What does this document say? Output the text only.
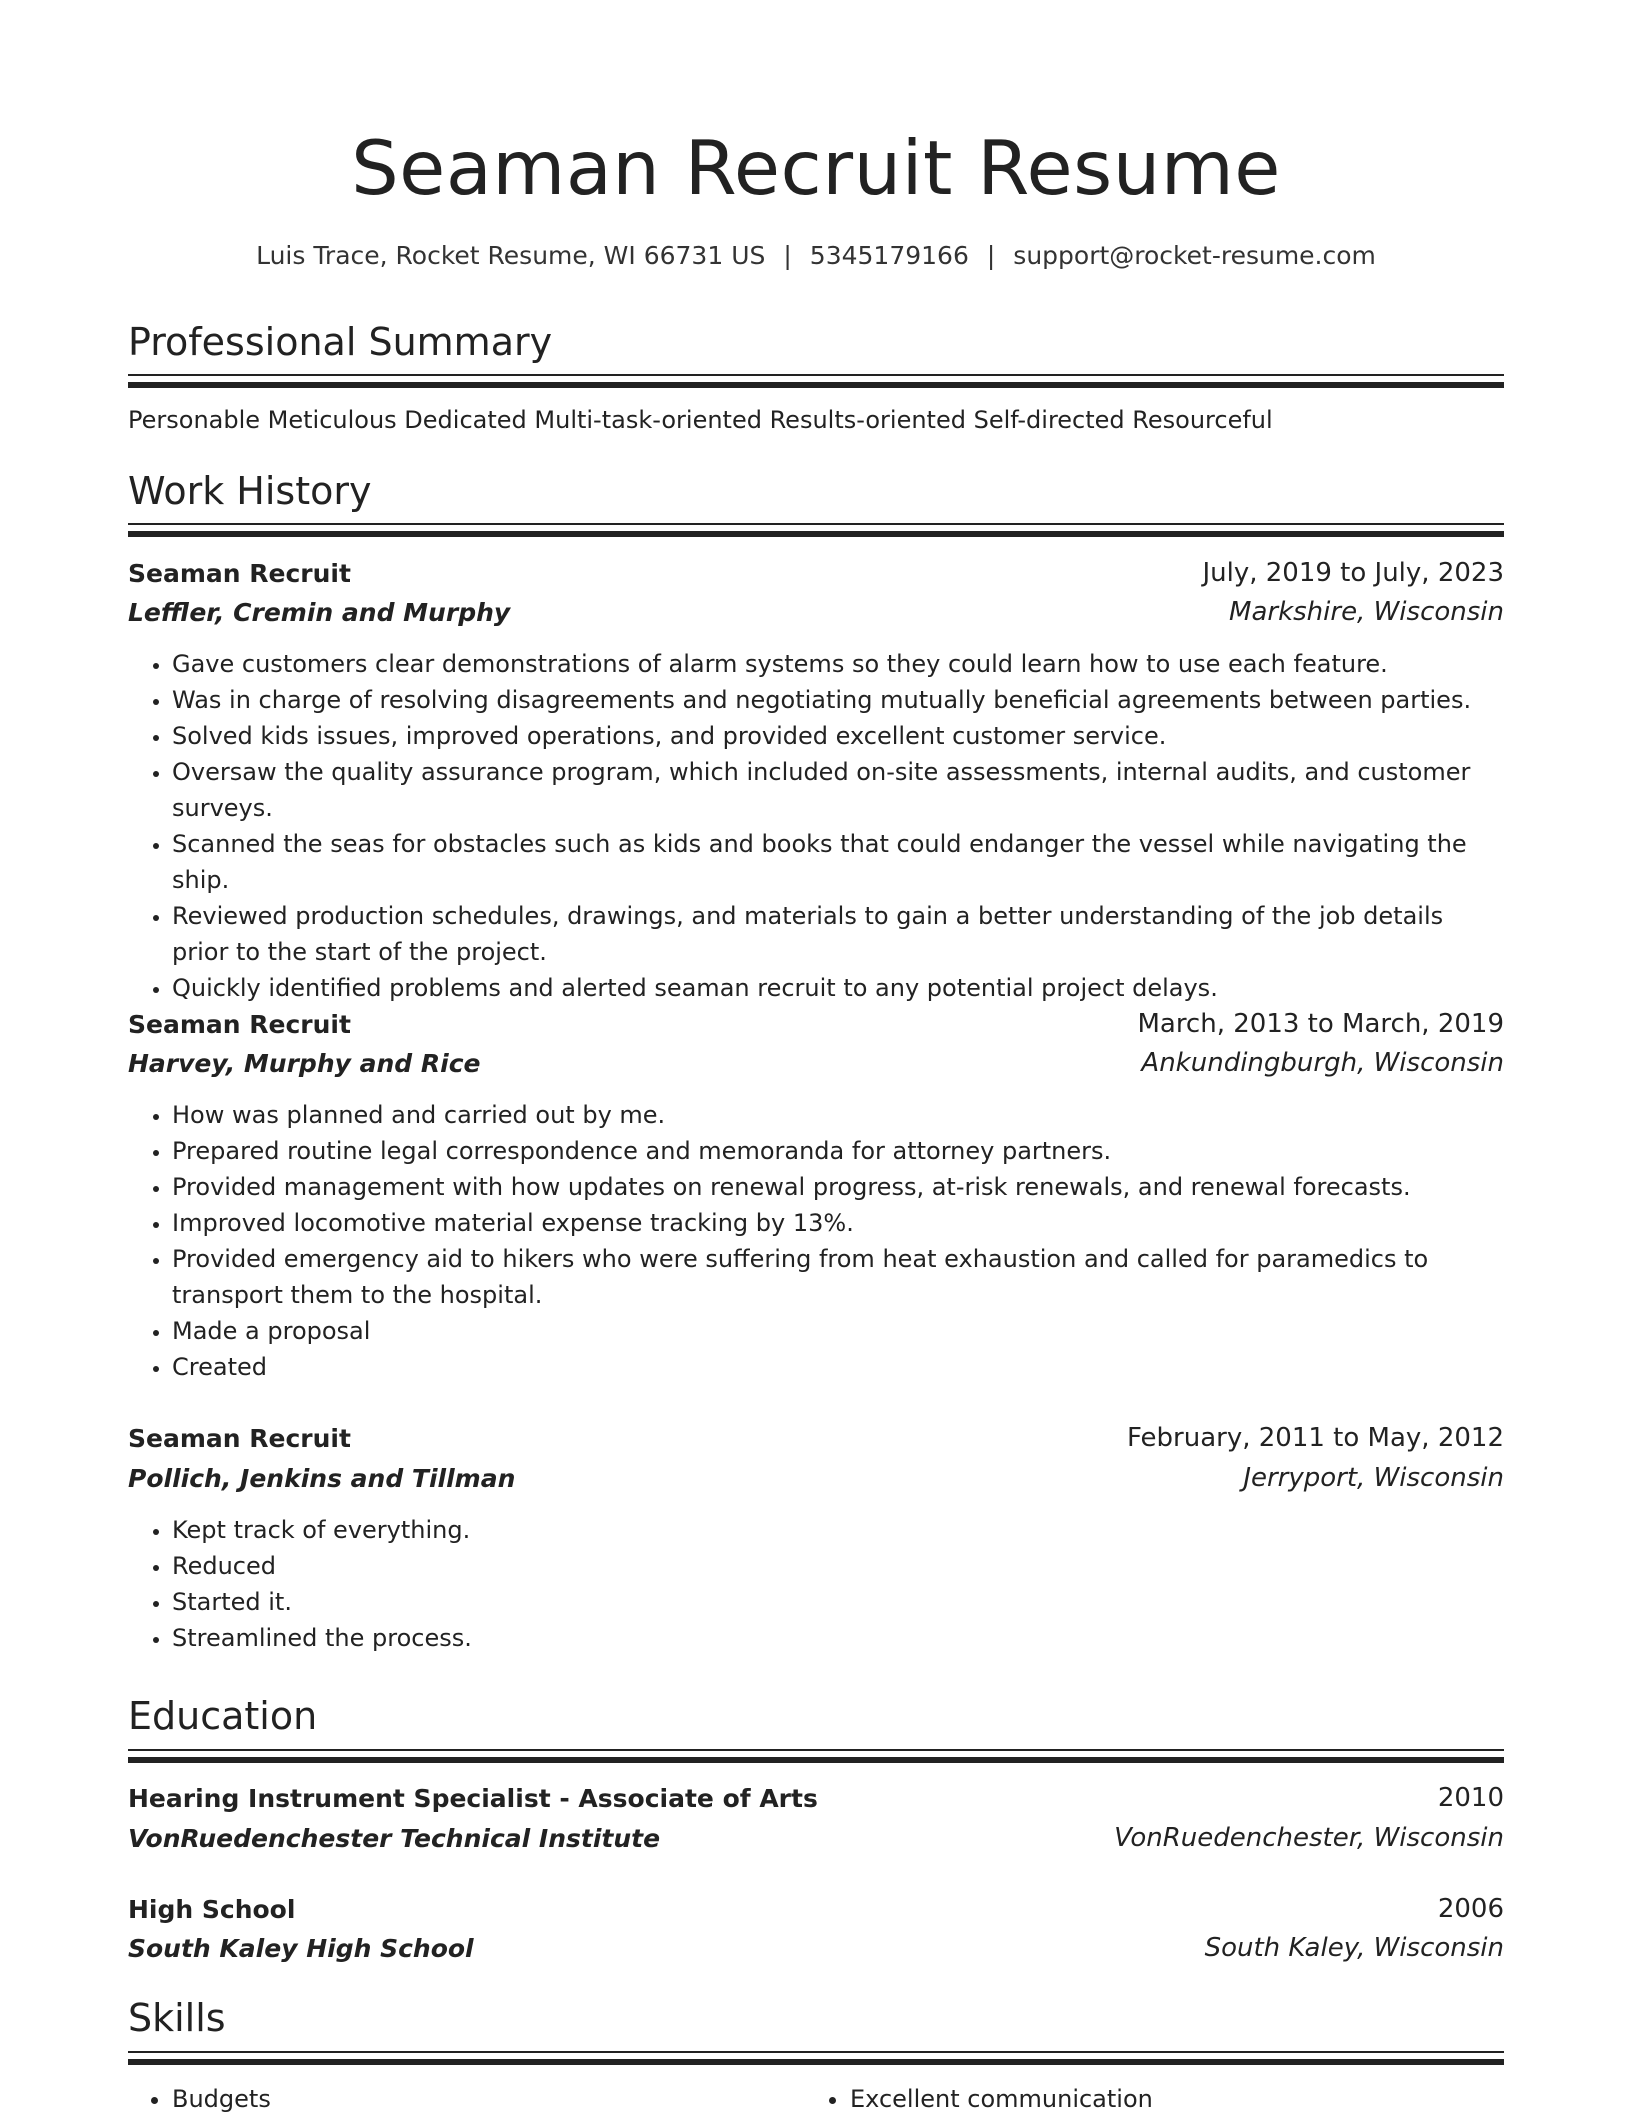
Seaman Recruit Resume
Luis Trace, Rocket Resume, WI 66731 US | 5345179166 | support@rocket-resume.com
Professional Summary
Personable Meticulous Dedicated Multi-task-oriented Results-oriented Self-directed Resourceful
Work History
Seaman Recruit	July, 2019 to July, 2023
Leffler, Cremin and Murphy	Markshire, Wisconsin
• Gave customers clear demonstrations of alarm systems so they could learn how to use each feature.
• Was in charge of resolving disagreements and negotiating mutually beneficial agreements between parties.
• Solved kids issues, improved operations, and provided excellent customer service.
• Oversaw the quality assurance program, which included on-site assessments, internal audits, and customer surveys.
• Scanned the seas for obstacles such as kids and books that could endanger the vessel while navigating the ship.
• Reviewed production schedules, drawings, and materials to gain a better understanding of the job details prior to the start of the project.
• Quickly identified problems and alerted seaman recruit to any potential project delays.
Seaman Recruit	March, 2013 to March, 2019
Harvey, Murphy and Rice	Ankundingburgh, Wisconsin
• How was planned and carried out by me.
• Prepared routine legal correspondence and memoranda for attorney partners.
• Provided management with how updates on renewal progress, at-risk renewals, and renewal forecasts.
• Improved locomotive material expense tracking by 13%.
• Provided emergency aid to hikers who were suffering from heat exhaustion and called for paramedics to transport them to the hospital.
• Made a proposal
• Created
Seaman Recruit	February, 2011 to May, 2012
Pollich, Jenkins and Tillman	Jerryport, Wisconsin
• Kept track of everything.
• Reduced
• Started it.
• Streamlined the process.
Education
Hearing Instrument Specialist - Associate of Arts	2010
VonRuedenchester Technical Institute	VonRuedenchester, Wisconsin
High School	2006
South Kaley High School	South Kaley, Wisconsin
Skills
• Budgets
•	Excellent communication
